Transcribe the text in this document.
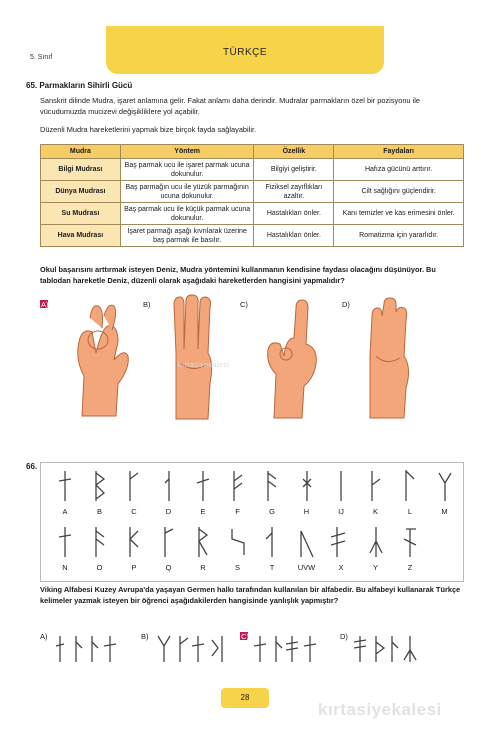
5. Sınıf	TÜRKÇE
65. Parmakların Sihirli Gücü
Sanskrit dilinde Mudra, işaret anlamına gelir. Fakat anlamı daha derindir. Mudralar parmakların özel bir pozisyonu ile vücudumuzda mucizevi değişikliklere yol açabilir.
Düzenli Mudra hareketlerini yapmak bize birçok fayda sağlayabilir.
Mudra	Yöntem	Özellik	Faydaları
Bilgi Mudrası	Baş parmak ucu ile işaret parmak ucuna dokunulur.	Bilgiyi geliştirir.	Hafıza gücünü arttırır.
Dünya Mudrası	Baş parmağın ucu ile yüzük parmağının ucuna dokunulur.	Fiziksel zayıflıkları azaltır.	Cilt sağlığını güçlendirir.
Su Mudrası	Baş parmak ucu ile küçük parmak ucuna dokunulur.	Hastalıkları önler.	Kanı temizler ve kas erimesini önler.
Hava Mudrası	İşaret parmağı aşağı kıvrılarak üzerine baş parmak ile basılır.	Hastalıkları önler.	Romatizma için yararlıdır.
Okul başarısını arttırmak isteyen Deniz, Mudra yöntemini kullanmanın kendisine faydası olacağını düşünüyor. Bu tablodan hareketle Deniz, düzenli olarak aşağıdaki hareketlerden hangisini yapmalıdır?
A)	B)	C)	D)
kırtasiyekalesi
66.
A	B	C	D	E	F	G	H	IJ	K	L	M
N	O	P	Q	R	S	T	UVW	X	Y	Z
Viking Alfabesi Kuzey Avrupa'da yaşayan Germen halkı tarafından kullanılan bir alfabedir. Bu alfabeyi kullanarak Türkçe kelimeler yazmak isteyen bir öğrenci aşağıdakilerden hangisinde yanlışlık yapmıştır?
A)	B)	C)	D)
28
kırtasiyekalesi
